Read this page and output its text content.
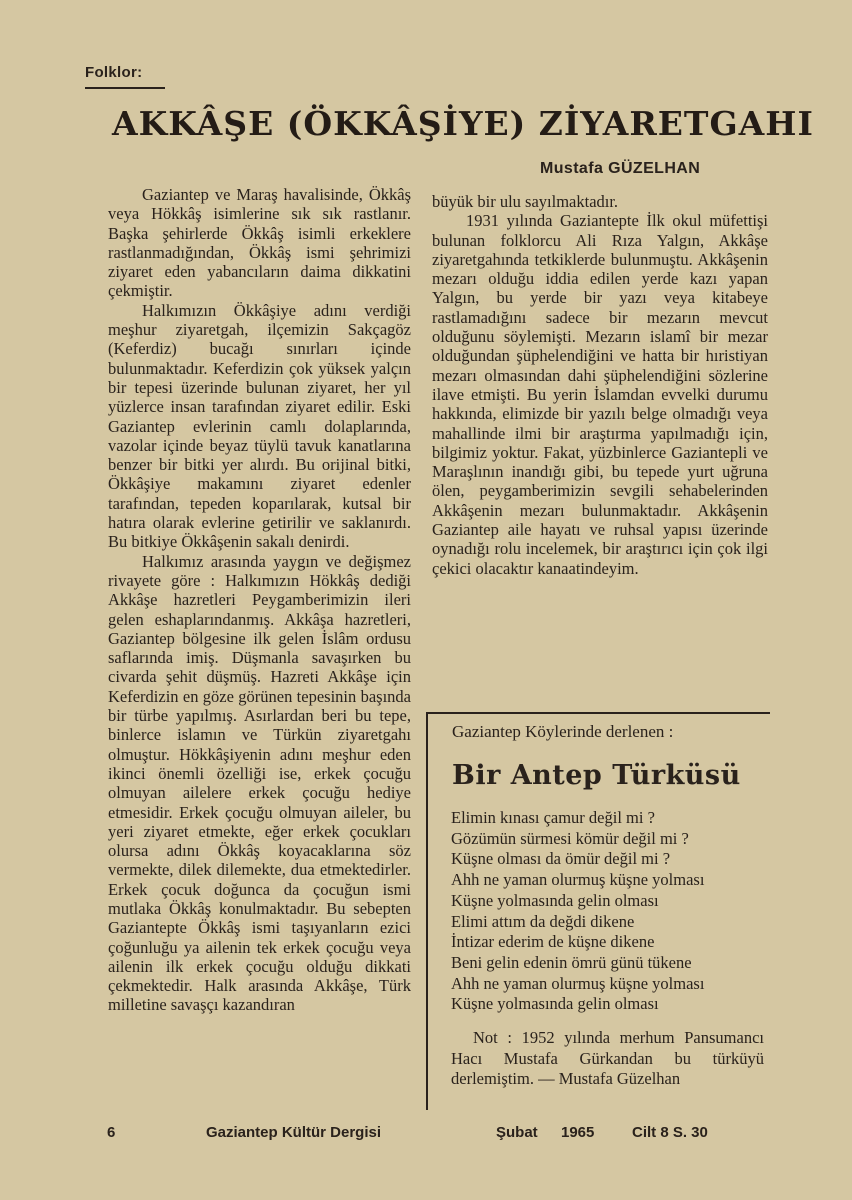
Folklor:
AKKÂŞE (ÖKKÂŞİYE) ZİYARETGAHI
Mustafa GÜZELHAN

Gaziantep ve Maraş havalisinde, Ökkâş veya Hökkâş isimlerine sık sık rastlanır. Başka şehirlerde Ökkâş isimli erkeklere rastlanmadığından, Ökkâş ismi şehrimizi ziyaret eden yabancıların daima dikkatini çekmiştir.

Halkımızın Ökkâşiye adını verdiği meşhur ziyaretgah, ilçemizin Sakçagöz (Keferdiz) bucağı sınırları içinde bulunmaktadır. Keferdizin çok yüksek yalçın bir tepesi üzerinde bulunan ziyaret, her yıl yüzlerce insan tarafından ziyaret edilir. Eski Gaziantep evlerinin camlı dolaplarında, vazolar içinde beyaz tüylü tavuk kanatlarına benzer bir bitki yer alırdı. Bu orijinal bitki, Ökkâşiye makamını ziyaret edenler tarafından, tepeden koparılarak, kutsal bir hatıra olarak evlerine getirilir ve saklanırdı. Bu bitkiye Ökkâşenin sakalı denirdi.

Halkımız arasında yaygın ve değişmez rivayete göre : Halkımızın Hökkâş dediği Akkâşe hazretleri Peygamberimizin ileri gelen eshaplarındanmış. Akkâşa hazretleri, Gaziantep bölgesine ilk gelen İslâm ordusu saflarında imiş. Düşmanla savaşırken bu civarda şehit düşmüş. Hazreti Akkâşe için Keferdizin en göze görünen tepesinin başında bir türbe yapılmış. Asırlardan beri bu tepe, binlerce islamın ve Türkün ziyaretgahı olmuştur. Hökkâşiyenin adını meşhur eden ikinci önemli özelliği ise, erkek çocuğu olmuyan ailelere erkek çocuğu hediye etmesidir. Erkek çocuğu olmuyan aileler, bu yeri ziyaret etmekte, eğer erkek çocukları olursa adını Ökkâş koyacaklarına söz vermekte, dilek dilemekte, dua etmektedirler. Erkek çocuk doğunca da çocuğun ismi mutlaka Ökkâş konulmaktadır. Bu sebepten Gaziantepte Ökkâş ismi taşıyanların ezici çoğunluğu ya ailenin tek erkek çocuğu veya ailenin ilk erkek çocuğu olduğu dikkati çekmektedir. Halk arasında Akkâşe, Türk milletine savaşçı kazandıran

büyük bir ulu sayılmaktadır.

1931 yılında Gaziantepte İlk okul müfettişi bulunan folklorcu Ali Rıza Yalgın, Akkâşe ziyaretgahında tetkiklerde bulunmuştu. Akkâşenin mezarı olduğu iddia edilen yerde kazı yapan Yalgın, bu yerde bir yazı veya kitabeye rastlamadığını sadece bir mezarın mevcut olduğunu söylemişti. Mezarın islamî bir mezar olduğundan şüphelendiğini ve hatta bir hıristiyan mezarı olmasından dahi şüphelendiğini sözlerine ilave etmişti. Bu yerin İslamdan evvelki durumu hakkında, elimizde bir yazılı belge olmadığı veya mahallinde ilmi bir araştırma yapılmadığı için, bilgimiz yoktur. Fakat, yüzbinlerce Gaziantepli ve Maraşlının inandığı gibi, bu tepede yurt uğruna ölen, peygamberimizin sevgili sehabelerinden Akkâşenin mezarı bulunmaktadır. Akkâşenin Gaziantep aile hayatı ve ruhsal yapısı üzerinde oynadığı rolu incelemek, bir araştırıcı için çok ilgi çekici olacaktır kanaatindeyim.

Gaziantep Köylerinde derlenen :
Bir Antep Türküsü
Elimin kınası çamur değil mi ?
Gözümün sürmesi kömür değil mi ?
Küşne olması da ömür değil mi ?
Ahh ne yaman olurmuş küşne yolması
Küşne yolmasında gelin olması
Elimi attım da değdi dikene
İntizar ederim de küşne dikene
Beni gelin edenin ömrü günü tükene
Ahh ne yaman olurmuş küşne yolması
Küşne yolmasında gelin olması
Not : 1952 yılında merhum Pansumancı Hacı Mustafa Gürkandan bu türküyü derlemiştim. — Mustafa Güzelhan
6	Gaziantep Kültür Dergisi	Şubat 1965	Cilt 8 S. 30
